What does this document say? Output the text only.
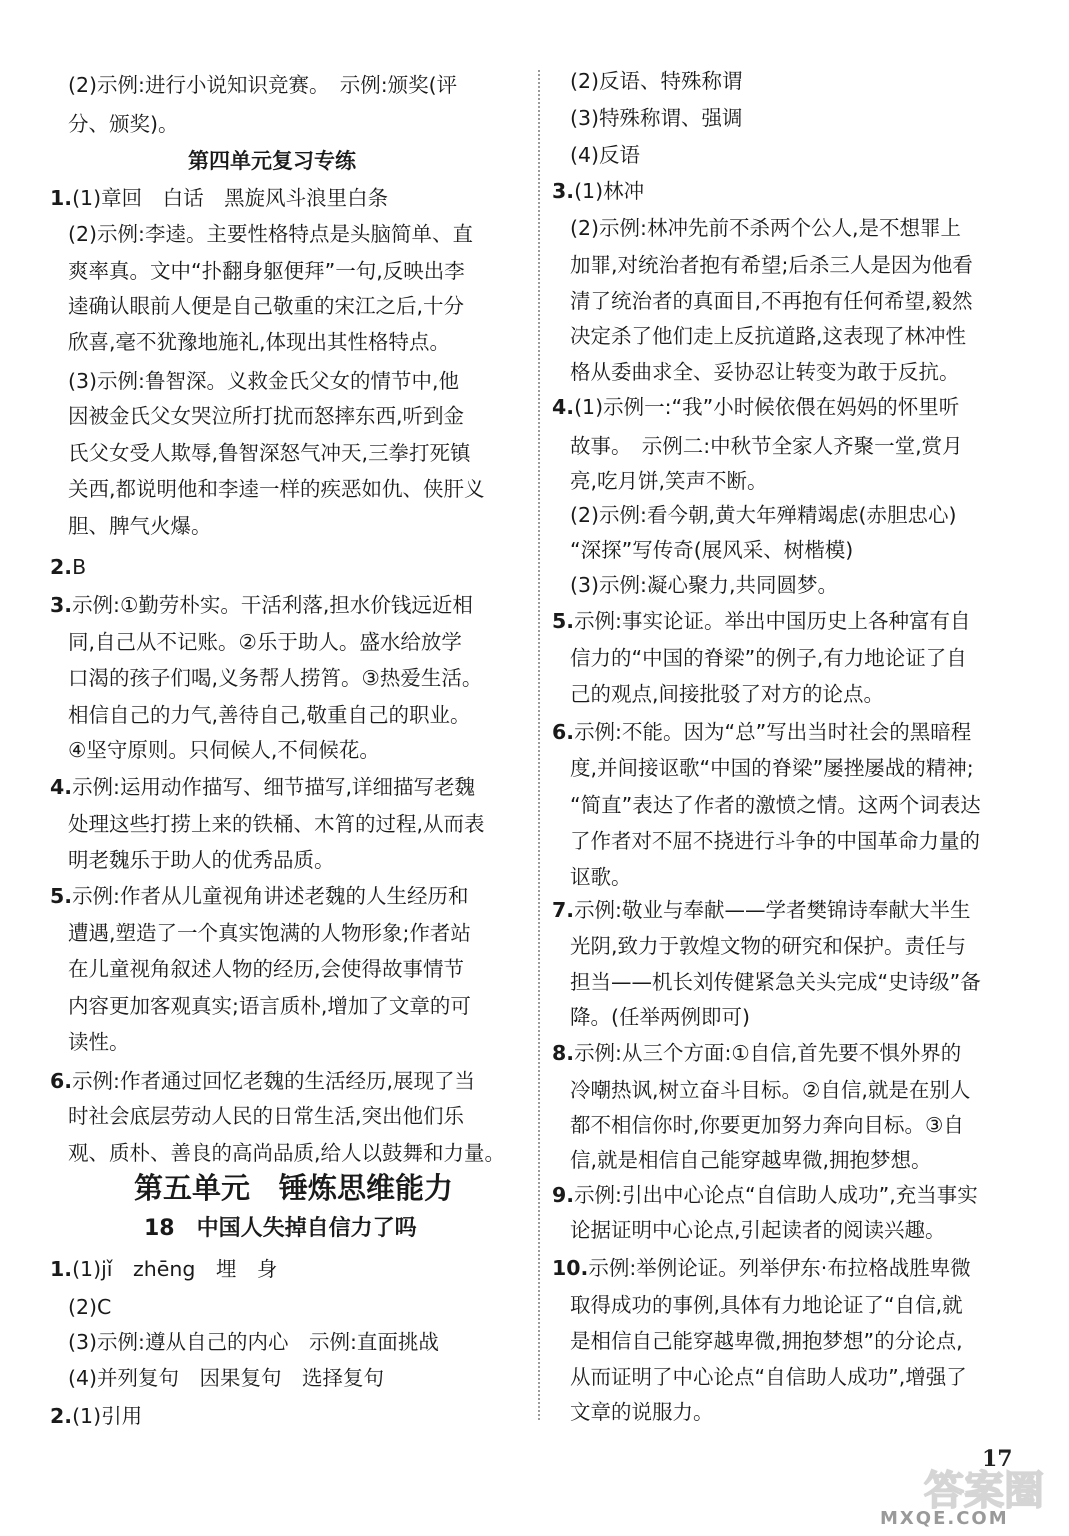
(2)示例:进行小说知识竞赛。　示例:颁奖(评
分、颁奖)。
第四单元复习专练
1.(1)章回　白话　黑旋风斗浪里白条
(2)示例:李逵。主要性格特点是头脑简单、直
爽率真。文中“扑翻身躯便拜”一句,反映出李
逵确认眼前人便是自己敬重的宋江之后,十分
欣喜,毫不犹豫地施礼,体现出其性格特点。
(3)示例:鲁智深。义救金氏父女的情节中,他
因被金氏父女哭泣所打扰而怒摔东西,听到金
氏父女受人欺辱,鲁智深怒气冲天,三拳打死镇
关西,都说明他和李逵一样的疾恶如仇、侠肝义
胆、脾气火爆。
2.B
3.示例:①勤劳朴实。干活利落,担水价钱远近相
同,自己从不记账。②乐于助人。盛水给放学
口渴的孩子们喝,义务帮人捞筲。③热爱生活。
相信自己的力气,善待自己,敬重自己的职业。
④坚守原则。只伺候人,不伺候花。
4.示例:运用动作描写、细节描写,详细描写老魏
处理这些打捞上来的铁桶、木筲的过程,从而表
明老魏乐于助人的优秀品质。
5.示例:作者从儿童视角讲述老魏的人生经历和
遭遇,塑造了一个真实饱满的人物形象;作者站
在儿童视角叙述人物的经历,会使得故事情节
内容更加客观真实;语言质朴,增加了文章的可
读性。
6.示例:作者通过回忆老魏的生活经历,展现了当
时社会底层劳动人民的日常生活,突出他们乐
观、质朴、善良的高尚品质,给人以鼓舞和力量。
第五单元　锤炼思维能力
18　中国人失掉自信力了吗
1.(1)jǐ　zhēng　埋　身
(2)C
(3)示例:遵从自己的内心　示例:直面挑战
(4)并列复句　因果复句　选择复句
2.(1)引用
(2)反语、特殊称谓
(3)特殊称谓、强调
(4)反语
3.(1)林冲
(2)示例:林冲先前不杀两个公人,是不想罪上
加罪,对统治者抱有希望;后杀三人是因为他看
清了统治者的真面目,不再抱有任何希望,毅然
决定杀了他们走上反抗道路,这表现了林冲性
格从委曲求全、妥协忍让转变为敢于反抗。
4.(1)示例一:“我”小时候依偎在妈妈的怀里听
故事。　示例二:中秋节全家人齐聚一堂,赏月
亮,吃月饼,笑声不断。
(2)示例:看今朝,黄大年殚精竭虑(赤胆忠心)
“深探”写传奇(展风采、树楷模)
(3)示例:凝心聚力,共同圆梦。
5.示例:事实论证。举出中国历史上各种富有自
信力的“中国的脊梁”的例子,有力地论证了自
己的观点,间接批驳了对方的论点。
6.示例:不能。因为“总”写出当时社会的黑暗程
度,并间接讴歌“中国的脊梁”屡挫屡战的精神;
“简直”表达了作者的激愤之情。这两个词表达
了作者对不屈不挠进行斗争的中国革命力量的
讴歌。
7.示例:敬业与奉献——学者樊锦诗奉献大半生
光阴,致力于敦煌文物的研究和保护。责任与
担当——机长刘传健紧急关头完成“史诗级”备
降。(任举两例即可)
8.示例:从三个方面:①自信,首先要不惧外界的
冷嘲热讽,树立奋斗目标。②自信,就是在别人
都不相信你时,你要更加努力奔向目标。③自
信,就是相信自己能穿越卑微,拥抱梦想。
9.示例:引出中心论点“自信助人成功”,充当事实
论据证明中心论点,引起读者的阅读兴趣。
10.示例:举例论证。列举伊东·布拉格战胜卑微
取得成功的事例,具体有力地论证了“自信,就
是相信自己能穿越卑微,拥抱梦想”的分论点,
从而证明了中心论点“自信助人成功”,增强了
文章的说服力。
17
答案圈
MXQE.COM
